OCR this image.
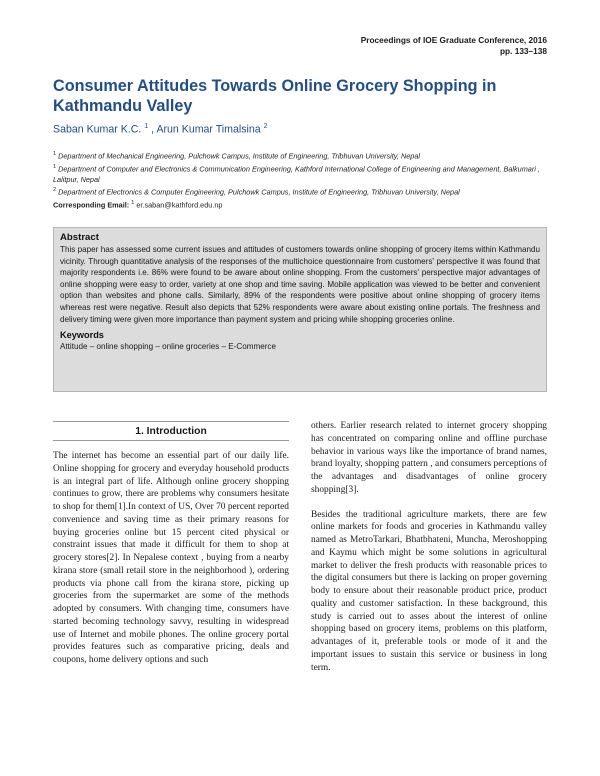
Proceedings of IOE Graduate Conference, 2016
pp. 133–138
Consumer Attitudes Towards Online Grocery Shopping in Kathmandu Valley
Saban Kumar K.C. $^1$ , Arun Kumar Timalsina $^2$
$^1$ Department of Mechanical Engineering, Pulchowk Campus, Institute of Engineering, Tribhuvan University, Nepal
$^1$ Department of Computer and Electronics & Communication Engineering, Kathford International College of Engineering and Management, Balkumari , Lalitpur, Nepal
$^2$ Department of Electronics & Computer Engineering, Pulchowk Campus, Institute of Engineering, Tribhuvan University, Nepal
Corresponding Email: $^1$ er.saban@kathford.edu.np
Abstract

This paper has assessed some current issues and attitudes of customers towards online shopping of grocery items within Kathmandu vicinity. Through quantitative analysis of the responses of the multichoice questionnaire from customers' perspective it was found that majority respondents i.e. 86% were found to be aware about online shopping. From the customers' perspective major advantages of online shopping were easy to order, variety at one shop and time saving. Mobile application was viewed to be better and convenient option than websites and phone calls. Similarly, 89% of the respondents were positive about online shopping of grocery items whereas rest were negative. Result also depicts that 52% respondents were aware about existing online portals. The freshness and delivery timing were given more importance than payment system and pricing while shopping groceries online.

Keywords

Attitude – online shopping – online groceries – E-Commerce

1. Introduction

The internet has become an essential part of our daily life. Online shopping for grocery and everyday household products is an integral part of life. Although online grocery shopping continues to grow, there are problems why consumers hesitate to shop for them[1].In context of US, Over 70 percent reported convenience and saving time as their primary reasons for buying groceries online but 15 percent cited physical or constraint issues that made it difficult for them to shop at grocery stores[2]. In Nepalese context , buying from a nearby kirana store (small retail store in the neighborhood ), ordering products via phone call from the kirana store, picking up groceries from the supermarket are some of the methods adopted by consumers. With changing time, consumers have started becoming technology savvy, resulting in widespread use of Internet and mobile phones. The online grocery portal provides features such as comparative pricing, deals and coupons, home delivery options and such

others. Earlier research related to internet grocery shopping has concentrated on comparing online and offline purchase behavior in various ways like the importance of brand names, brand loyalty, shopping pattern , and consumers perceptions of the advantages and disadvantages of online grocery shopping[3].

Besides the traditional agriculture markets, there are few online markets for foods and groceries in Kathmandu valley named as MetroTarkari, Bhatbhateni, Muncha, Meroshopping and Kaymu which might be some solutions in agricultural market to deliver the fresh products with reasonable prices to the digital consumers but there is lacking on proper governing body to ensure about their reasonable product price, product quality and customer satisfaction. In these background, this study is carried out to asses about the interest of online shopping based on grocery items, problems on this platform, advantages of it, preferable tools or mode of it and the important issues to sustain this service or business in long term.
